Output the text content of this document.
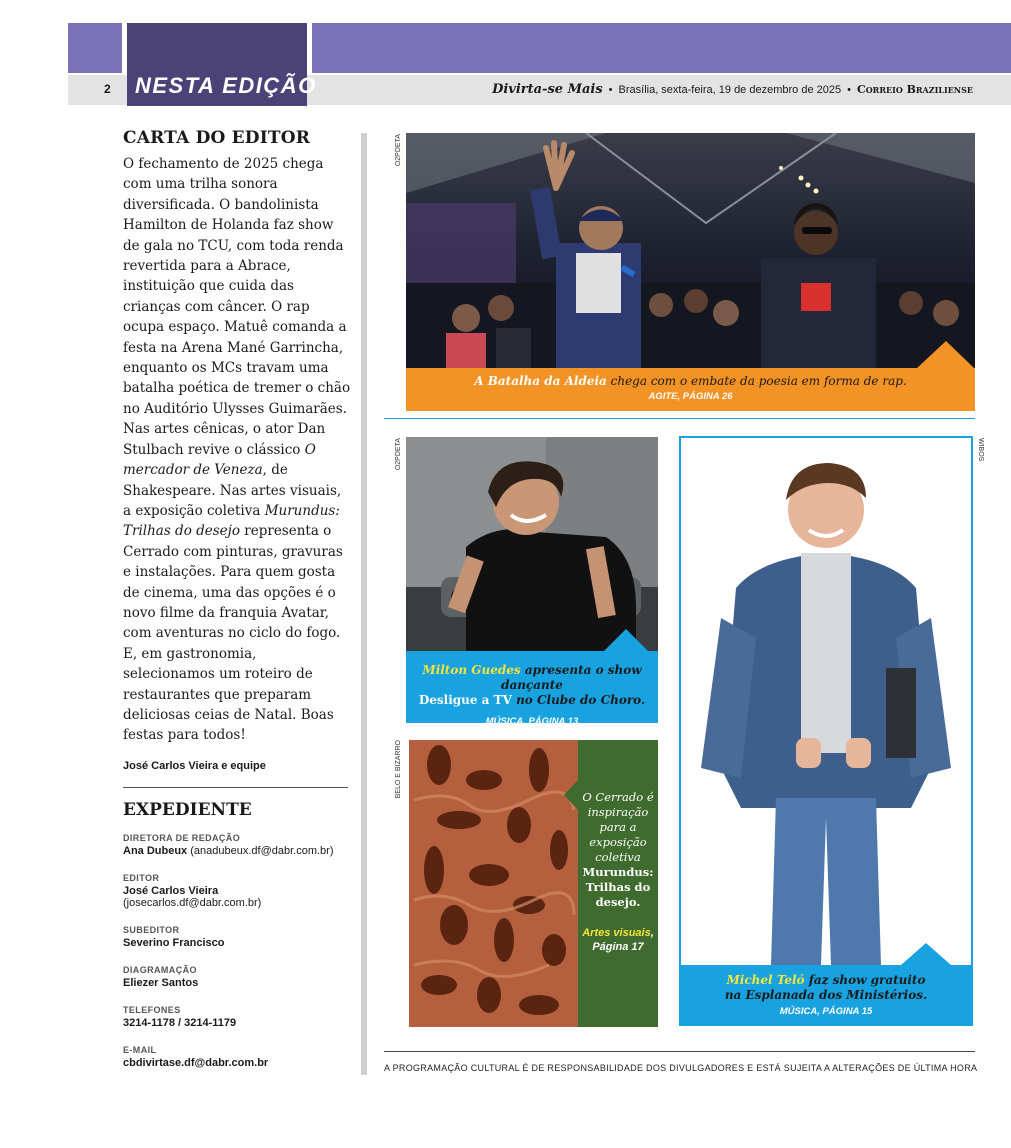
2 NESTA EDIÇÃO	Divirta-se Mais • Brasília, sexta-feira, 19 de dezembro de 2025 • Correio Braziliense
CARTA DO EDITOR

O fechamento de 2025 chega com uma trilha sonora diversificada. O bandolinista Hamilton de Holanda faz show de gala no TCU, com toda renda revertida para a Abrace, instituição que cuida das crianças com câncer. O rap ocupa espaço. Matuê comanda a festa na Arena Mané Garrincha, enquanto os MCs travam uma batalha poética de tremer o chão no Auditório Ulysses Guimarães. Nas artes cênicas, o ator Dan Stulbach revive o clássico O mercador de Veneza, de Shakespeare. Nas artes visuais, a exposição coletiva Murundus: Trilhas do desejo representa o Cerrado com pinturas, gravuras e instalações. Para quem gosta de cinema, uma das opções é o novo filme da franquia Avatar, com aventuras no ciclo do fogo. E, em gastronomia, selecionamos um roteiro de restaurantes que preparam deliciosas ceias de Natal. Boas festas para todos!

José Carlos Vieira e equipe
EXPEDIENTE
DIRETORA DE REDAÇÃO
Ana Dubeux (anadubeux.df@dabr.com.br)
EDITOR
José Carlos Vieira (josecarlos.df@dabr.com.br)
SUBEDITOR
Severino Francisco
DIAGRAMAÇÃO
Eliezer Santos
TELEFONES
3214-1178 / 3214-1179
E-MAIL
cbdivirtase.df@dabr.com.br
O2PDETA
A Batalha da Aldeia chega com o embate da poesia em forma de rap.
AGITE, PÁGINA 26
O2PDETA
Milton Guedes apresenta o show dançante
Desligue a TV no Clube do Choro.
MÚSICA, PÁGINA 13
BELO E BIZARRO	O Cerrado é inspiração para a exposição coletiva
Murundus: Trilhas do desejo.
Artes visuais, Página 17
WIBOS
Michel Teló faz show gratuito
na Esplanada dos Ministérios.
MÚSICA, PÁGINA 15
A PROGRAMAÇÃO CULTURAL É DE RESPONSABILIDADE DOS DIVULGADORES E ESTÁ SUJEITA A ALTERAÇÕES DE ÚLTIMA HORA
